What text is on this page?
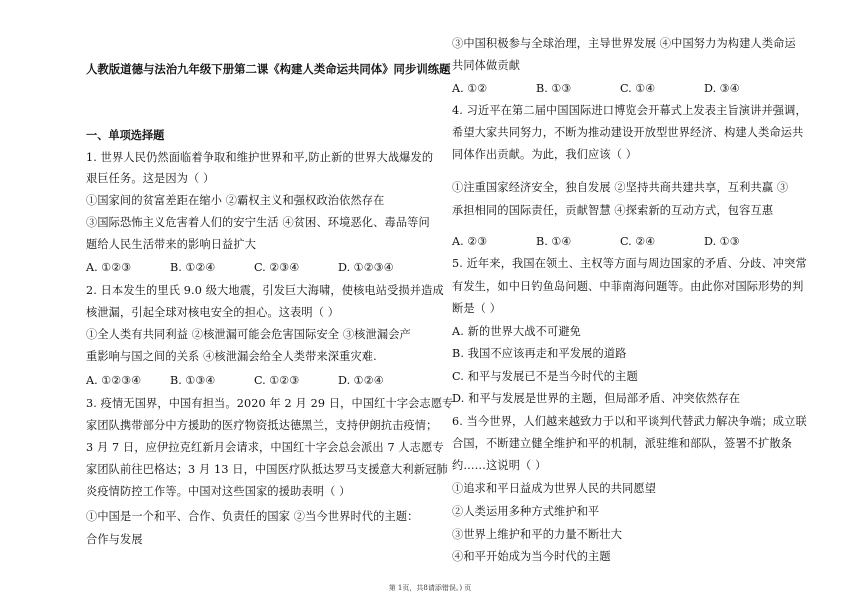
人教版道德与法治九年级下册第二课《构建人类命运共同体》同步训练题
一、单项选择题
1. 世界人民仍然面临着争取和维护世界和平,防止新的世界大战爆发的
艰巨任务。这是因为（ ）
①国家间的贫富差距在缩小 ②霸权主义和强权政治依然存在
③国际恐怖主义危害着人们的安宁生活 ④贫困、环境恶化、毒品等问
题给人民生活带来的影响日益扩大
A. ①②③	B. ①②④	C. ②③④	D. ①②③④
2. 日本发生的里氏 9.0 级大地震，引发巨大海啸，使核电站受损并造成
核泄漏，引起全球对核电安全的担心。这表明（ ）
①全人类有共同利益 ②核泄漏可能会危害国际安全 ③核泄漏会产
重影响与国之间的关系 ④核泄漏会给全人类带来深重灾难.
A. ①②③④	B. ①③④	C. ①②③	D. ①②④
3. 疫情无国界，中国有担当。2020 年 2 月 29 日，中国红十字会志愿专
家团队携带部分中方援助的医疗物资抵达德黑兰，支持伊朗抗击疫情；
3 月 7 日，应伊拉克红新月会请求，中国红十字会总会派出 7 人志愿专
家团队前往巴格达；3 月 13 日，中国医疗队抵达罗马支援意大利新冠肺
炎疫情防控工作等。中国对这些国家的援助表明（ ）
①中国是一个和平、合作、负责任的国家 ②当今世界时代的主题：
合作与发展
③中国积极参与全球治理，主导世界发展 ④中国努力为构建人类命运
共同体做贡献
A. ①②	B. ①③	C. ①④	D. ③④
4. 习近平在第二届中国国际进口博览会开幕式上发表主旨演讲并强调，
希望大家共同努力，不断为推动建设开放型世界经济、构建人类命运共
同体作出贡献。为此，我们应该（ ）
①注重国家经济安全，独自发展 ②坚持共商共建共享，互利共赢 ③
承担相同的国际责任，贡献智慧 ④探索新的互动方式，包容互惠
A. ②③	B. ①④	C. ②④	D. ①③
5. 近年来，我国在领土、主权等方面与周边国家的矛盾、分歧、冲突常
有发生，如中日钓鱼岛问题、中菲南海问题等。由此你对国际形势的判
断是（ ）
A. 新的世界大战不可避免
B. 我国不应该再走和平发展的道路
C. 和平与发展已不是当今时代的主题
D. 和平与发展是世界的主题，但局部矛盾、冲突依然存在
6. 当今世界，人们越来越致力于以和平谈判代替武力解决争端；成立联
合国，不断建立健全维护和平的机制，派驻维和部队，签署不扩散条
约……这说明（ ）
①追求和平日益成为世界人民的共同愿望
②人类运用多种方式维护和平
③世界上维护和平的力量不断壮大
④和平开始成为当今时代的主题
第 1页，共8请添错误。) 页
